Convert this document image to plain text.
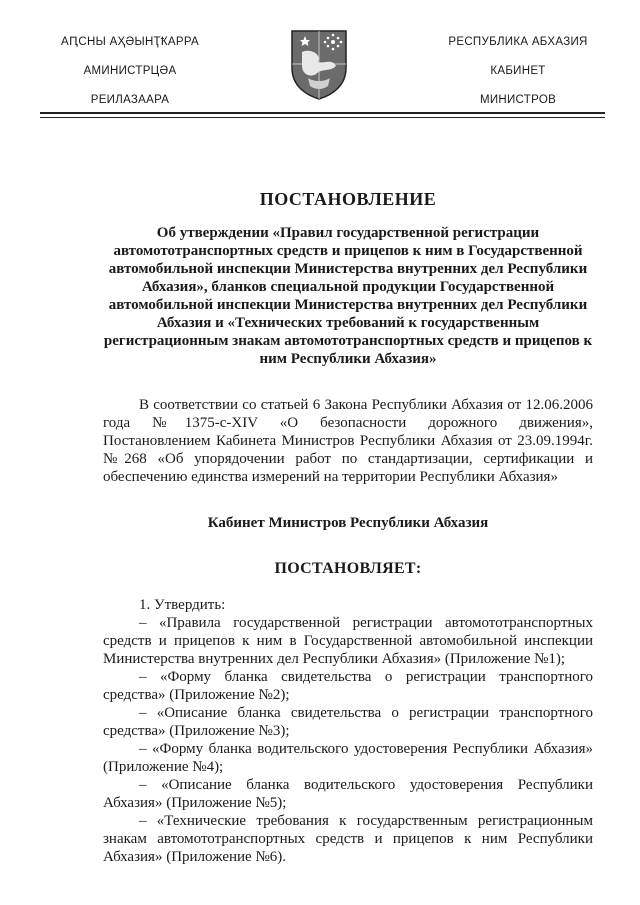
АԤСНЫ АҲӘЫНҬҞАРРА
АМИНИСТРЦӘА
РЕИЛАЗААРА
РЕСПУБЛИКА АБХАЗИЯ
КАБИНЕТ
МИНИСТРОВ

ПОСТАНОВЛЕНИЕ

Об утверждении «Правил государственной регистрации автомототранспортных средств и прицепов к ним в Государственной автомобильной инспекции Министерства внутренних дел Республики Абхазия», бланков специальной продукции Государственной автомобильной инспекции Министерства внутренних дел Республики Абхазия и «Технических требований к государственным регистрационным знакам автомототранспортных средств и прицепов к ним Республики Абхазия»

В соответствии со статьей 6 Закона Республики Абхазия от 12.06.2006 года №1375-с-XIV «О безопасности дорожного движения», Постановлением Кабинета Министров Республики Абхазия от 23.09.1994г. №268 «Об упорядочении работ по стандартизации, сертификации и обеспечению единства измерений на территории Республики Абхазия»

Кабинет Министров Республики Абхазия

ПОСТАНОВЛЯЕТ:

1. Утвердить:

– «Правила государственной регистрации автомототранспортных средств и прицепов к ним в Государственной автомобильной инспекции Министерства внутренних дел Республики Абхазия» (Приложение №1);

– «Форму бланка свидетельства о регистрации транспортного средства» (Приложение №2);

– «Описание бланка свидетельства о регистрации транспортного средства» (Приложение №3);

– «Форму бланка водительского удостоверения Республики Абхазия» (Приложение №4);

– «Описание бланка водительского удостоверения Республики Абхазия» (Приложение №5);

– «Технические требования к государственным регистрационным знакам автомототранспортных средств и прицепов к ним Республики Абхазия» (Приложение №6).
